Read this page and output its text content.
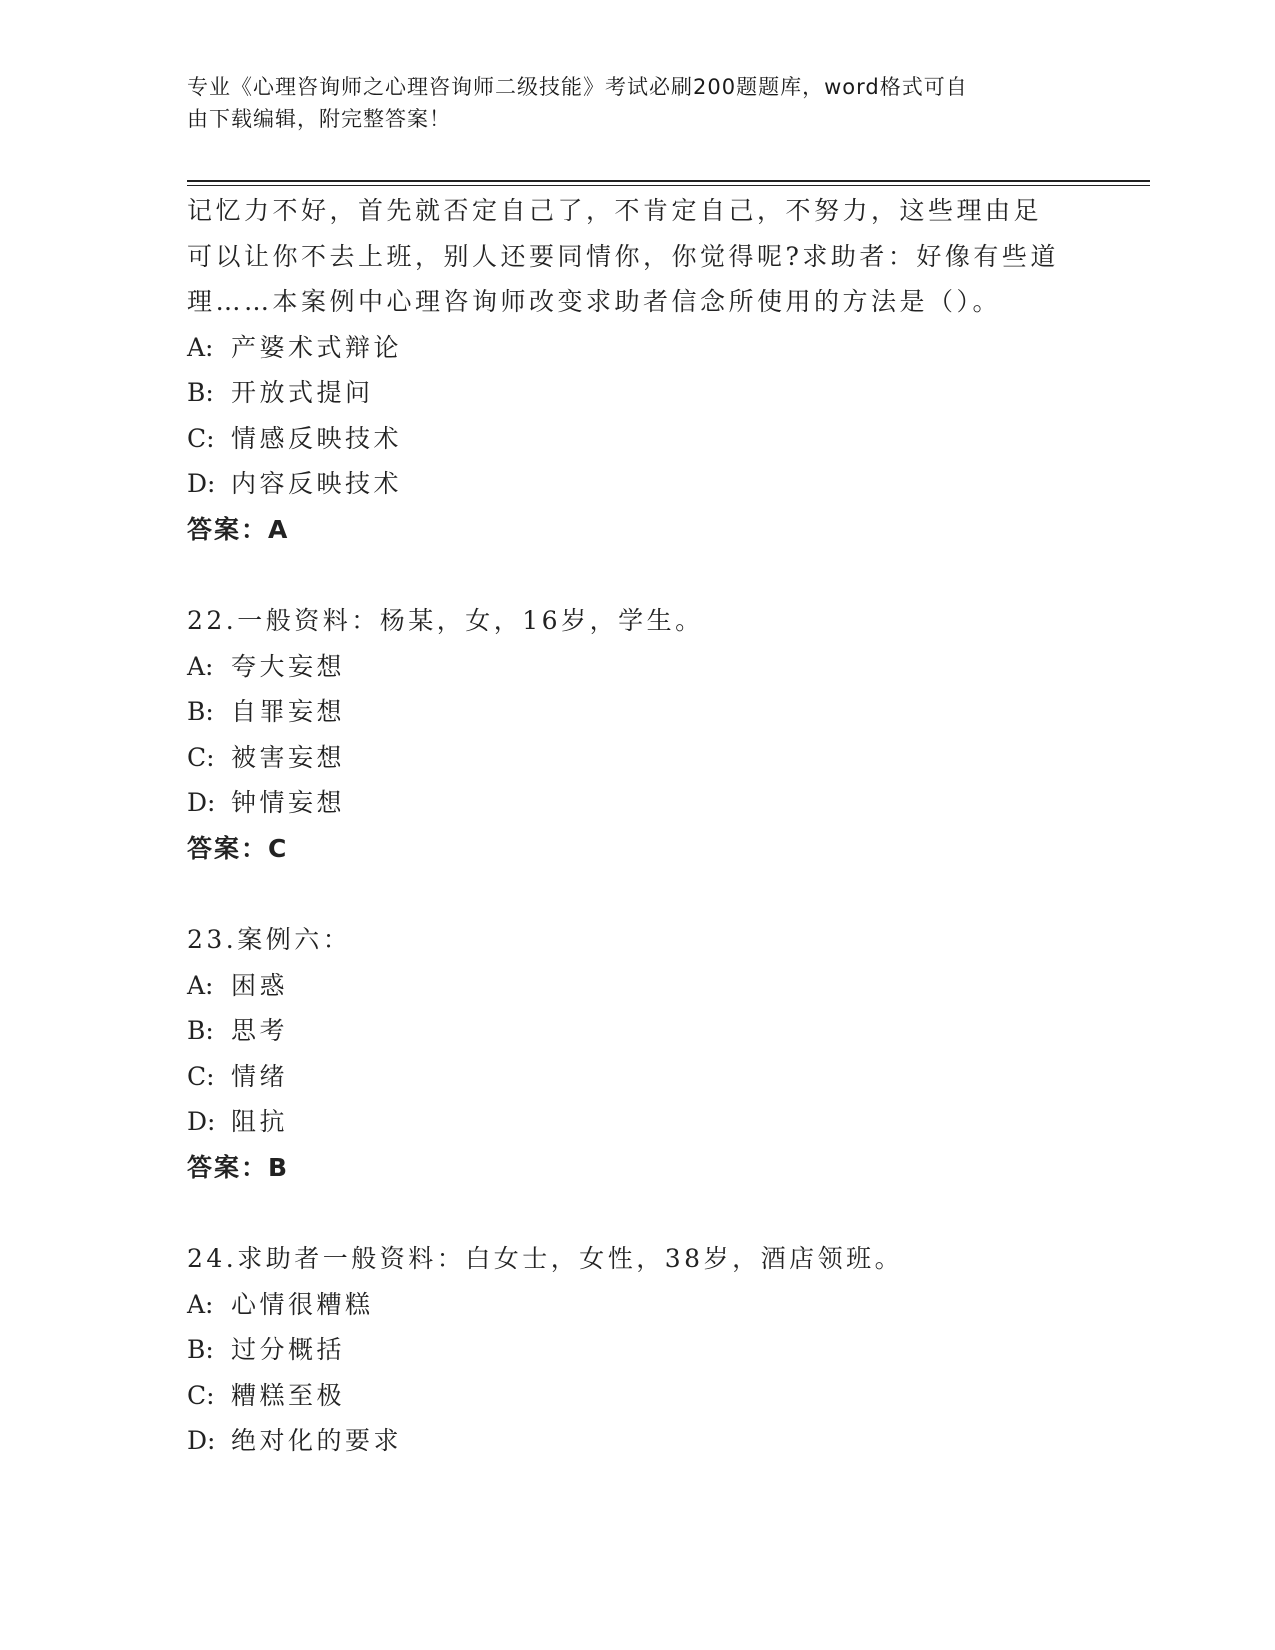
专业《心理咨询师之心理咨询师二级技能》考试必刷200题题库，word格式可自
由下载编辑，附完整答案！
记忆力不好，首先就否定自己了，不肯定自己，不努力，这些理由足
可以让你不去上班，别人还要同情你，你觉得呢?求助者：好像有些道
理……本案例中心理咨询师改变求助者信念所使用的方法是（）。
A: 产婆术式辩论
B: 开放式提问
C: 情感反映技术
D: 内容反映技术
答案：A
22.一般资料：杨某，女，16岁，学生。
A: 夸大妄想
B: 自罪妄想
C: 被害妄想
D: 钟情妄想
答案：C
23.案例六：
A: 困惑
B: 思考
C: 情绪
D: 阻抗
答案：B
24.求助者一般资料：白女士，女性，38岁，酒店领班。
A: 心情很糟糕
B: 过分概括
C: 糟糕至极
D: 绝对化的要求
